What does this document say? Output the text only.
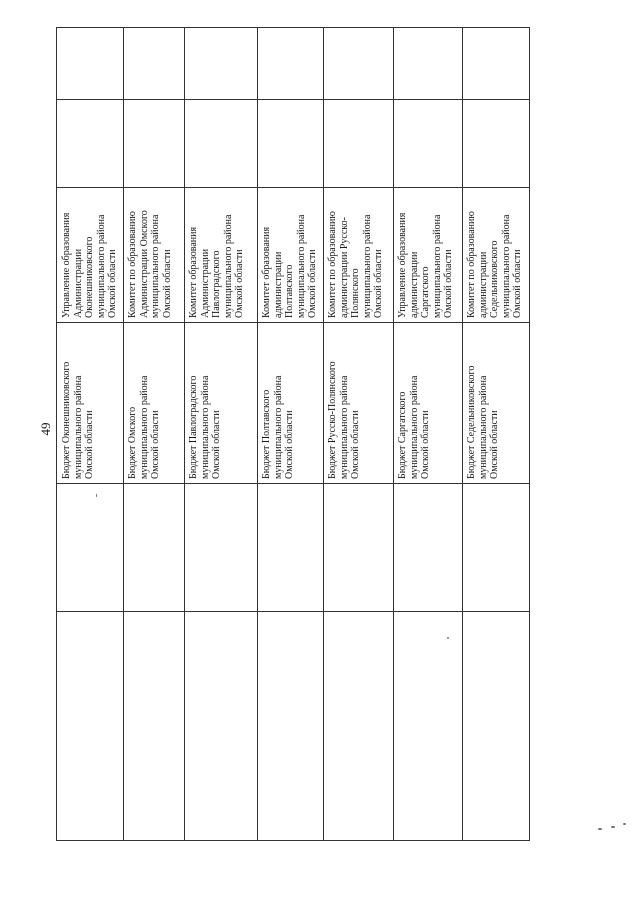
49
Управление образования Администрации Оконешниковского муниципального района Омской области
Бюджет Оконешниковского муниципального района Омской области
Комитет по образованию Администрации Омского муниципального района Омской области
Бюджет Омского муниципального района Омской области
Комитет образования Администрации Павлоградского муниципального района Омской области
Бюджет Павлоградского муниципального района Омской области
Комитет образования администрации Полтавского муниципального района Омской области
Бюджет Полтавского муниципального района Омской области
Комитет по образованию администрации Русско- Полянского муниципального района Омской области
Бюджет Русско-Полянского муниципального района Омской области
Управление образования администрации Саргатского муниципального района Омской области
Бюджет Саргатского муниципального района Омской области
Комитет по образованию администрации Седельниковского муниципального района Омской области
Бюджет Седельниковского муниципального района Омской области
